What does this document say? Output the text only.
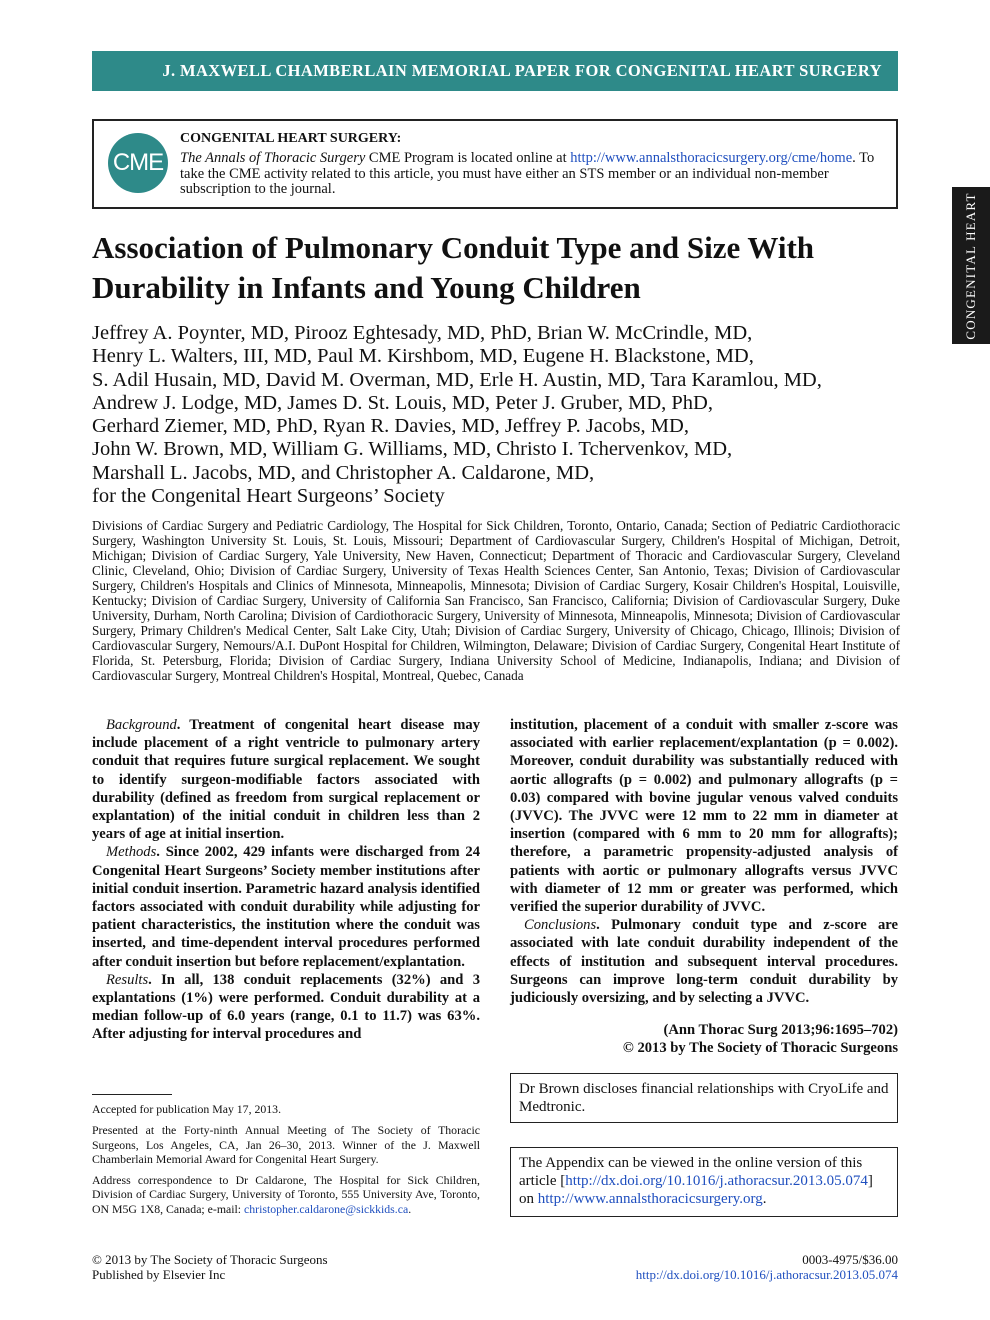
J. MAXWELL CHAMBERLAIN MEMORIAL PAPER FOR CONGENITAL HEART SURGERY
CONGENITAL HEART
CME
CONGENITAL HEART SURGERY:
The Annals of Thoracic Surgery CME Program is located online at http://www.annalsthoracicsurgery.org/cme/home. To take the CME activity related to this article, you must have either an STS member or an individual non-member subscription to the journal.
Association of Pulmonary Conduit Type and Size With Durability in Infants and Young Children
Jeffrey A. Poynter, MD, Pirooz Eghtesady, MD, PhD, Brian W. McCrindle, MD,
Henry L. Walters, III, MD, Paul M. Kirshbom, MD, Eugene H. Blackstone, MD,
S. Adil Husain, MD, David M. Overman, MD, Erle H. Austin, MD, Tara Karamlou, MD,
Andrew J. Lodge, MD, James D. St. Louis, MD, Peter J. Gruber, MD, PhD,
Gerhard Ziemer, MD, PhD, Ryan R. Davies, MD, Jeffrey P. Jacobs, MD,
John W. Brown, MD, William G. Williams, MD, Christo I. Tchervenkov, MD,
Marshall L. Jacobs, MD, and Christopher A. Caldarone, MD,
for the Congenital Heart Surgeons’ Society
Divisions of Cardiac Surgery and Pediatric Cardiology, The Hospital for Sick Children, Toronto, Ontario, Canada; Section of Pediatric Cardiothoracic Surgery, Washington University St. Louis, St. Louis, Missouri; Department of Cardiovascular Surgery, Children's Hospital of Michigan, Detroit, Michigan; Division of Cardiac Surgery, Yale University, New Haven, Connecticut; Department of Thoracic and Cardiovascular Surgery, Cleveland Clinic, Cleveland, Ohio; Division of Cardiac Surgery, University of Texas Health Sciences Center, San Antonio, Texas; Division of Cardiovascular Surgery, Children's Hospitals and Clinics of Minnesota, Minneapolis, Minnesota; Division of Cardiac Surgery, Kosair Children's Hospital, Louisville, Kentucky; Division of Cardiac Surgery, University of California San Francisco, San Francisco, California; Division of Cardiovascular Surgery, Duke University, Durham, North Carolina; Division of Cardiothoracic Surgery, University of Minnesota, Minneapolis, Minnesota; Division of Cardiovascular Surgery, Primary Children's Medical Center, Salt Lake City, Utah; Division of Cardiac Surgery, University of Chicago, Chicago, Illinois; Division of Cardiovascular Surgery, Nemours/A.I. DuPont Hospital for Children, Wilmington, Delaware; Division of Cardiac Surgery, Congenital Heart Institute of Florida, St. Petersburg, Florida; Division of Cardiac Surgery, Indiana University School of Medicine, Indianapolis, Indiana; and Division of Cardiovascular Surgery, Montreal Children's Hospital, Montreal, Quebec, Canada

Background. Treatment of congenital heart disease may include placement of a right ventricle to pulmonary artery conduit that requires future surgical replacement. We sought to identify surgeon-modifiable factors associated with durability (defined as freedom from surgical replacement or explantation) of the initial conduit in children less than 2 years of age at initial insertion.

Methods. Since 2002, 429 infants were discharged from 24 Congenital Heart Surgeons’ Society member institutions after initial conduit insertion. Parametric hazard analysis identified factors associated with conduit durability while adjusting for patient characteristics, the institution where the conduit was inserted, and time-dependent interval procedures performed after conduit insertion but before replacement/explantation.

Results. In all, 138 conduit replacements (32%) and 3 explantations (1%) were performed. Conduit durability at a median follow-up of 6.0 years (range, 0.1 to 11.7) was 63%. After adjusting for interval procedures and

institution, placement of a conduit with smaller z-score was associated with earlier replacement/explantation (p = 0.002). Moreover, conduit durability was substantially reduced with aortic allografts (p = 0.002) and pulmonary allografts (p = 0.03) compared with bovine jugular venous valved conduits (JVVC). The JVVC were 12 mm to 22 mm in diameter at insertion (compared with 6 mm to 20 mm for allografts); therefore, a parametric propensity-adjusted analysis of patients with aortic or pulmonary allografts versus JVVC with diameter of 12 mm or greater was performed, which verified the superior durability of JVVC.

Conclusions. Pulmonary conduit type and z-score are associated with late conduit durability independent of the effects of institution and subsequent interval procedures. Surgeons can improve long-term conduit durability by judiciously oversizing, and by selecting a JVVC.

(Ann Thorac Surg 2013;96:1695–702)
© 2013 by The Society of Thoracic Surgeons
Dr Brown discloses financial relationships with CryoLife and Medtronic.
The Appendix can be viewed in the online version of this article [http://dx.doi.org/10.1016/j.athoracsur.2013.05.074] on http://www.annalsthoracicsurgery.org.

Accepted for publication May 17, 2013.

Presented at the Forty-ninth Annual Meeting of The Society of Thoracic Surgeons, Los Angeles, CA, Jan 26–30, 2013. Winner of the J. Maxwell Chamberlain Memorial Award for Congenital Heart Surgery.

Address correspondence to Dr Caldarone, The Hospital for Sick Children, Division of Cardiac Surgery, University of Toronto, 555 University Ave, Toronto, ON M5G 1X8, Canada; e-mail: christopher.caldarone@sickkids.ca.

© 2013 by The Society of Thoracic Surgeons
Published by Elsevier Inc
0003-4975/$36.00
http://dx.doi.org/10.1016/j.athoracsur.2013.05.074
